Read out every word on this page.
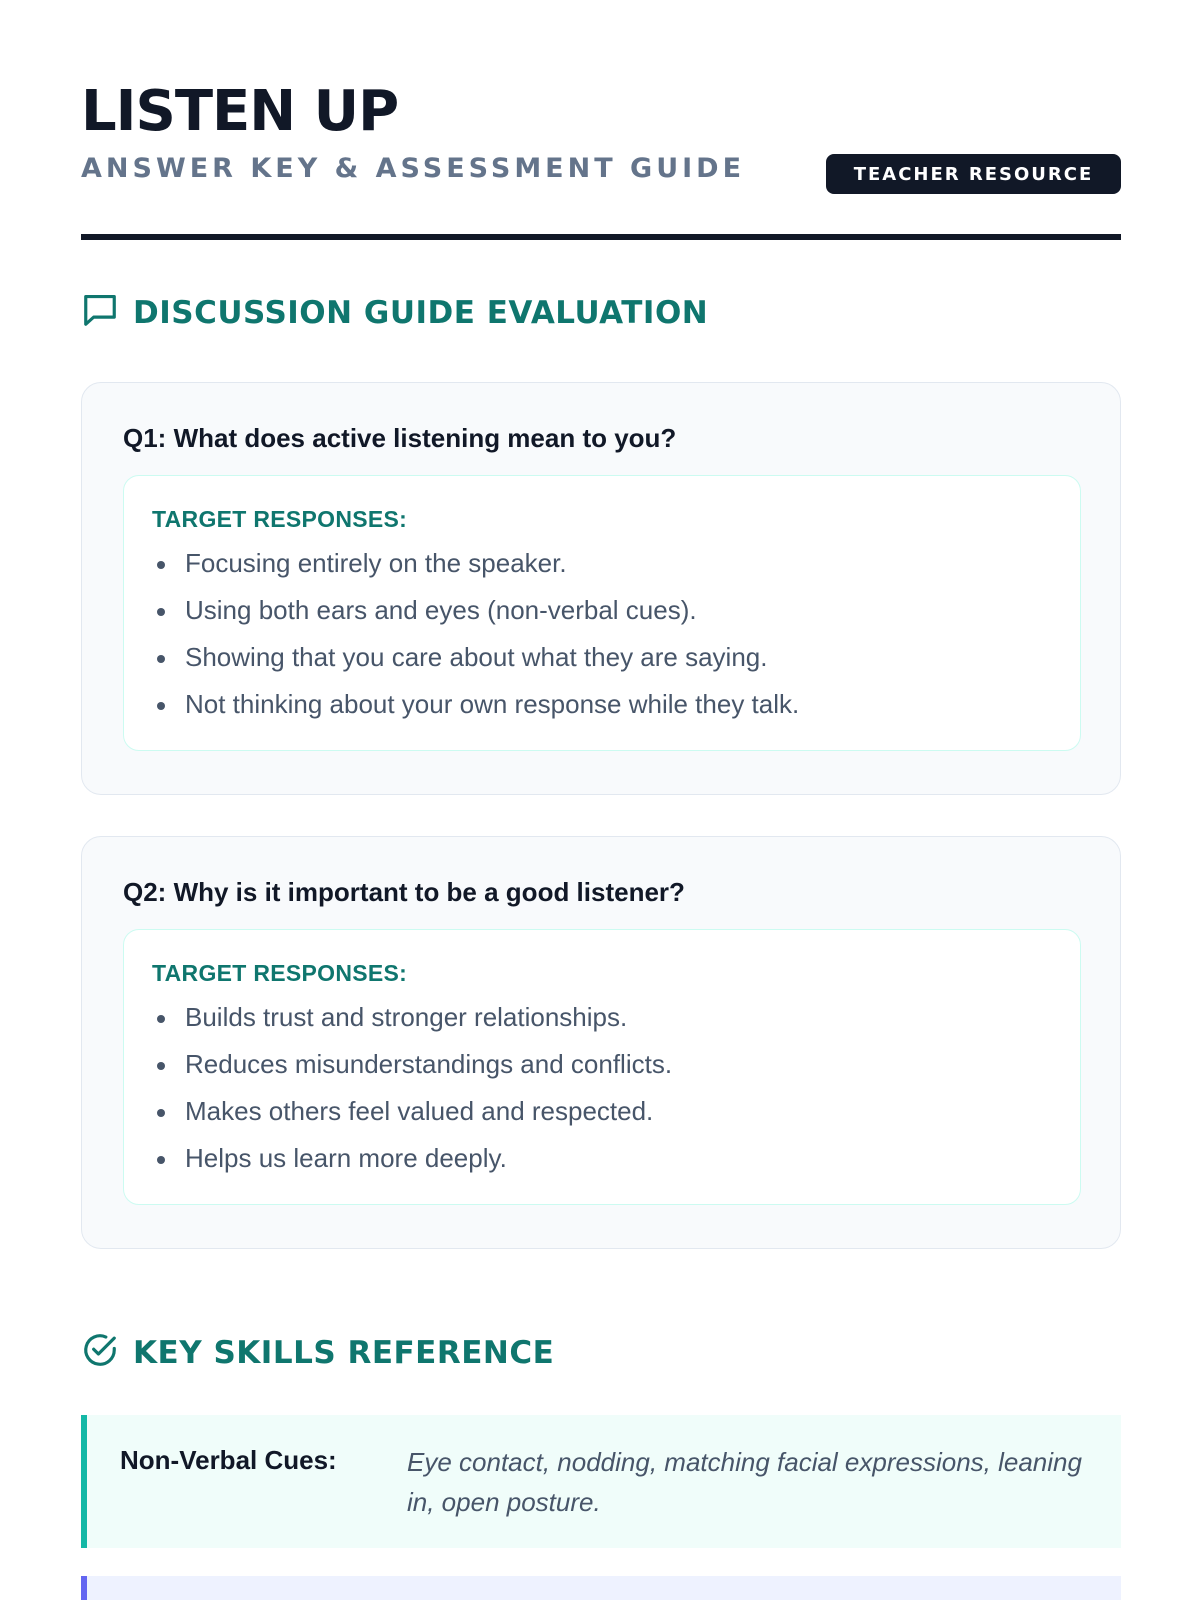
LISTEN UP
ANSWER KEY & ASSESSMENT GUIDE	TEACHER RESOURCE
DISCUSSION GUIDE EVALUATION
Q1: What does active listening mean to you?
TARGET RESPONSES:
Focusing entirely on the speaker.
Using both ears and eyes (non-verbal cues).
Showing that you care about what they are saying.
Not thinking about your own response while they talk.
Q2: Why is it important to be a good listener?
TARGET RESPONSES:
Builds trust and stronger relationships.
Reduces misunderstandings and conflicts.
Makes others feel valued and respected.
Helps us learn more deeply.
KEY SKILLS REFERENCE
Non-Verbal Cues:	Eye contact, nodding, matching facial expressions, leaning in, open posture.
